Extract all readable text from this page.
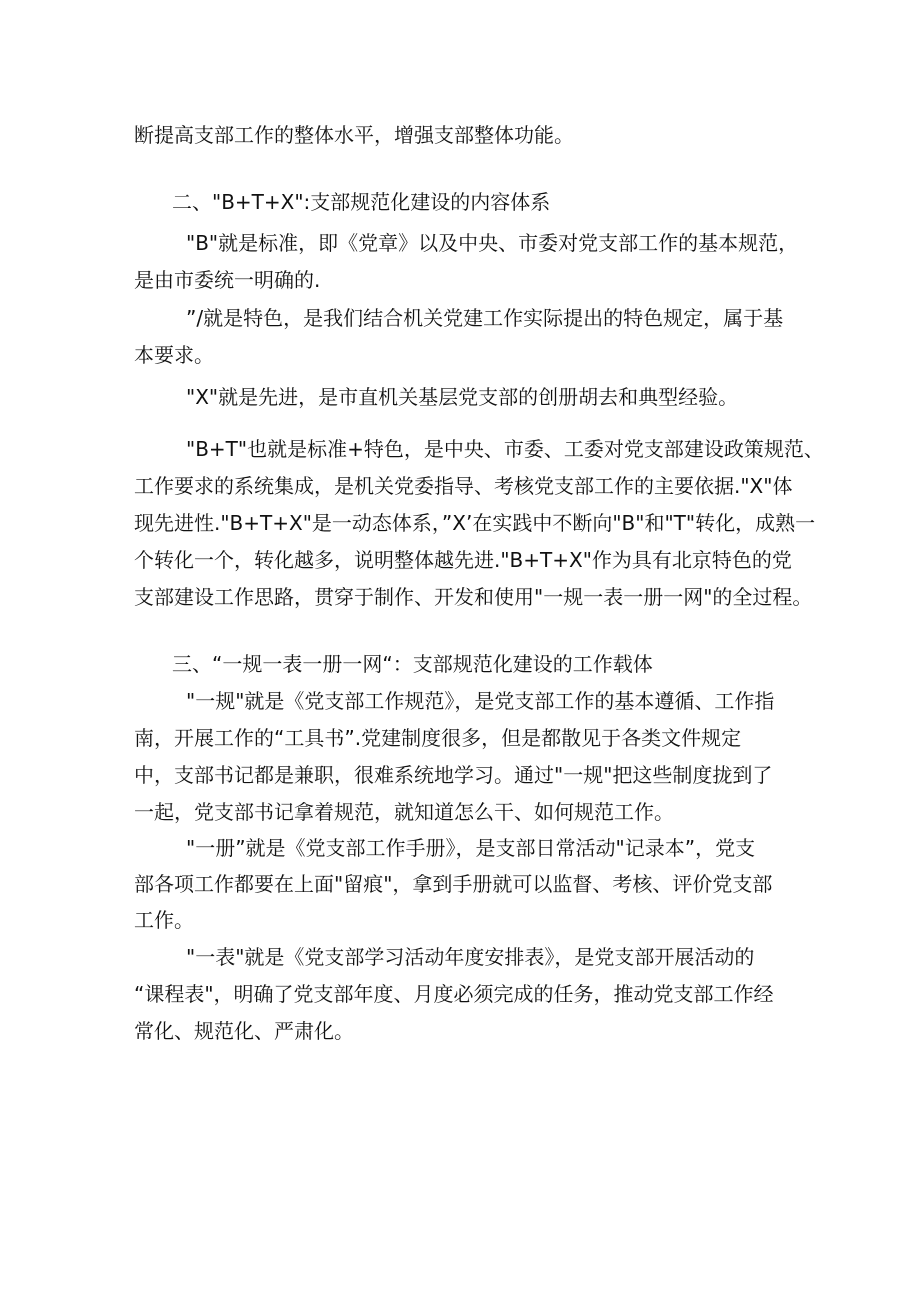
断提高支部工作的整体水平，增强支部整体功能。

二、"B+T+X":支部规范化建设的内容体系

"B"就是标准，即《党章》以及中央、市委对党支部工作的基本规范，

是由市委统一明确的.

”/就是特色，是我们结合机关党建工作实际提出的特色规定，属于基

本要求。

"X"就是先进，是市直机关基层党支部的创册胡去和典型经验。

"B+T"也就是标准+特色，是中央、市委、工委对党支部建设政策规范、

工作要求的系统集成，是机关党委指导、考核党支部工作的主要依据."X"体

现先进性."B+T+X"是一动态体系，”X’在实践中不断向"B"和"T"转化，成熟一

个转化一个，转化越多，说明整体越先进."B+T+X"作为具有北京特色的党

支部建设工作思路，贯穿于制作、开发和使用"一规一表一册一网"的全过程。

三、“一规一表一册一网“：支部规范化建设的工作载体

"一规"就是《党支部工作规范》，是党支部工作的基本遵循、工作指

南，开展工作的“工具书”.党建制度很多，但是都散见于各类文件规定

中，支部书记都是兼职，很难系统地学习。通过"一规"把这些制度拢到了

一起，党支部书记拿着规范，就知道怎么干、如何规范工作。

"一册”就是《党支部工作手册》，是支部日常活动"记录本”，党支

部各项工作都要在上面"留痕"，拿到手册就可以监督、考核、评价党支部

工作。

"一表"就是《党支部学习活动年度安排表》，是党支部开展活动的

“课程表"，明确了党支部年度、月度必须完成的任务，推动党支部工作经

常化、规范化、严肃化。
